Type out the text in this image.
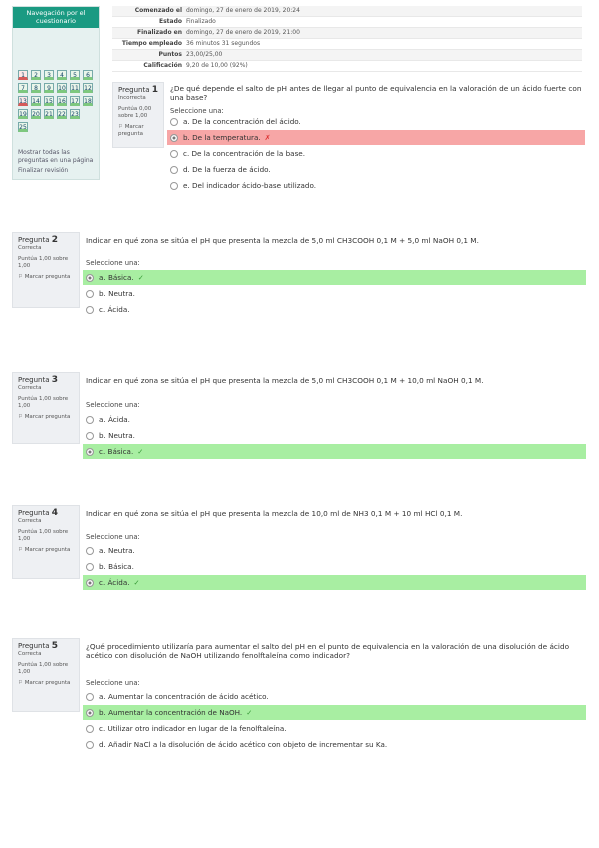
Navegación por el cuestionario
1	2	3	4	5	6
7	8	9	10 11 12
13 14 15 16 17 18
19 20 21 22 23
25
Mostrar todas las preguntas en una página
Finalizar revisión
Comenzado el domingo, 27 de enero de 2019, 20:24
Estado Finalizado
Finalizado en domingo, 27 de enero de 2019, 21:00
Tiempo empleado 36 minutos 31 segundos
Puntos 23,00/25,00
Calificación 9,20 de 10,00 (92%)
Pregunta 1
Incorrecta
Puntúa 0,00 sobre 1,00
⚐ Marcar pregunta
¿De qué depende el salto de pH antes de llegar al punto de equivalencia en la valoración de un ácido fuerte con una base?
Seleccione una:
a. De la concentración del ácido.
b. De la temperatura. ✗
c. De la concentración de la base.
d. De la fuerza de ácido.
e. Del indicador ácido-base utilizado.
Pregunta 2
Correcta
Puntúa 1,00 sobre 1,00
⚐ Marcar pregunta
Indicar en qué zona se sitúa el pH que presenta la mezcla de 5,0 ml CH3COOH 0,1 M + 5,0 ml NaOH 0,1 M.
Seleccione una:
a. Básica. ✓
b. Neutra.
c. Ácida.
Pregunta 3
Correcta
Puntúa 1,00 sobre 1,00
⚐ Marcar pregunta
Indicar en qué zona se sitúa el pH que presenta la mezcla de 5,0 ml CH3COOH 0,1 M + 10,0 ml NaOH 0,1 M.
Seleccione una:
a. Ácida.
b. Neutra.
c. Básica. ✓
Pregunta 4
Correcta
Puntúa 1,00 sobre 1,00
⚐ Marcar pregunta
Indicar en qué zona se sitúa el pH que presenta la mezcla de 10,0 ml de NH3 0,1 M + 10 ml HCl 0,1 M.
Seleccione una:
a. Neutra.
b. Básica.
c. Ácida. ✓
Pregunta 5
Correcta
Puntúa 1,00 sobre 1,00
⚐ Marcar pregunta
¿Qué procedimiento utilizaría para aumentar el salto del pH en el punto de equivalencia en la valoración de una disolución de ácido acético con disolución de NaOH utilizando fenolftaleína como indicador?
Seleccione una:
a. Aumentar la concentración de ácido acético.
b. Aumentar la concentración de NaOH. ✓
c. Utilizar otro indicador en lugar de la fenolftaleína.
d. Añadir NaCl a la disolución de ácido acético con objeto de incrementar su Ka.
